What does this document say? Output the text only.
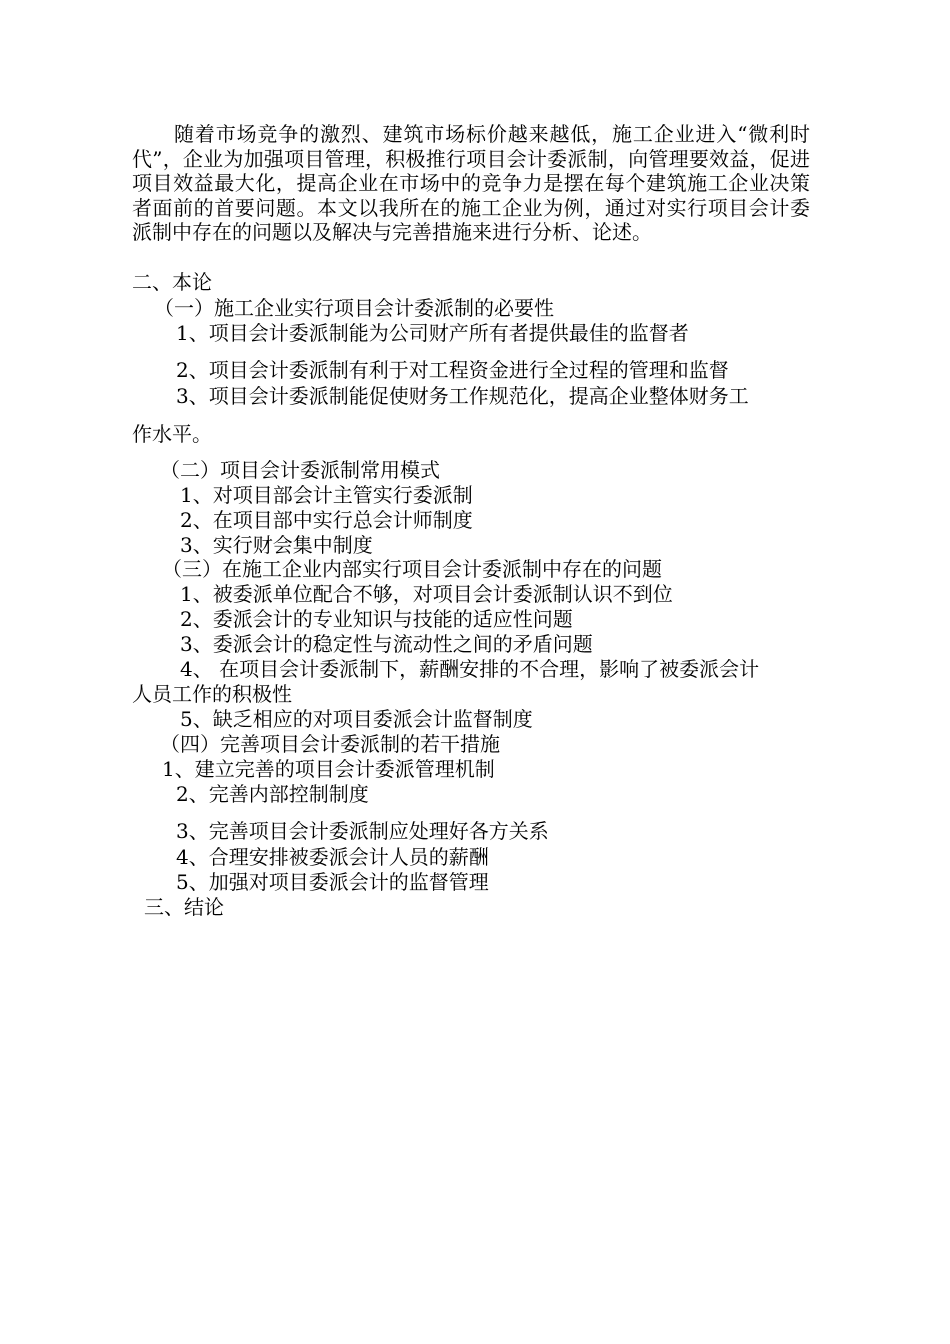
随着市场竞争的激烈、建筑市场标价越来越低，施工企业进入“微利时代”，企业为加强项目管理，积极推行项目会计委派制，向管理要效益，促进项目效益最大化，提高企业在市场中的竞争力是摆在每个建筑施工企业决策者面前的首要问题。本文以我所在的施工企业为例，通过对实行项目会计委派制中存在的问题以及解决与完善措施来进行分析、论述。

二、本论

（一）施工企业实行项目会计委派制的必要性

1、项目会计委派制能为公司财产所有者提供最佳的监督者

2、项目会计委派制有利于对工程资金进行全过程的管理和监督

3、项目会计委派制能促使财务工作规范化，提高企业整体财务工

作水平。

（二）项目会计委派制常用模式

1、对项目部会计主管实行委派制

2、在项目部中实行总会计师制度

3、实行财会集中制度

（三）在施工企业内部实行项目会计委派制中存在的问题

1、被委派单位配合不够，对项目会计委派制认识不到位

2、委派会计的专业知识与技能的适应性问题

3、委派会计的稳定性与流动性之间的矛盾问题

4、 在项目会计委派制下，薪酬安排的不合理，影响了被委派会计

人员工作的积极性

5、缺乏相应的对项目委派会计监督制度

（四）完善项目会计委派制的若干措施

1、建立完善的项目会计委派管理机制

2、完善内部控制制度

3、完善项目会计委派制应处理好各方关系

4、合理安排被委派会计人员的薪酬

5、加强对项目委派会计的监督管理

三、结论
